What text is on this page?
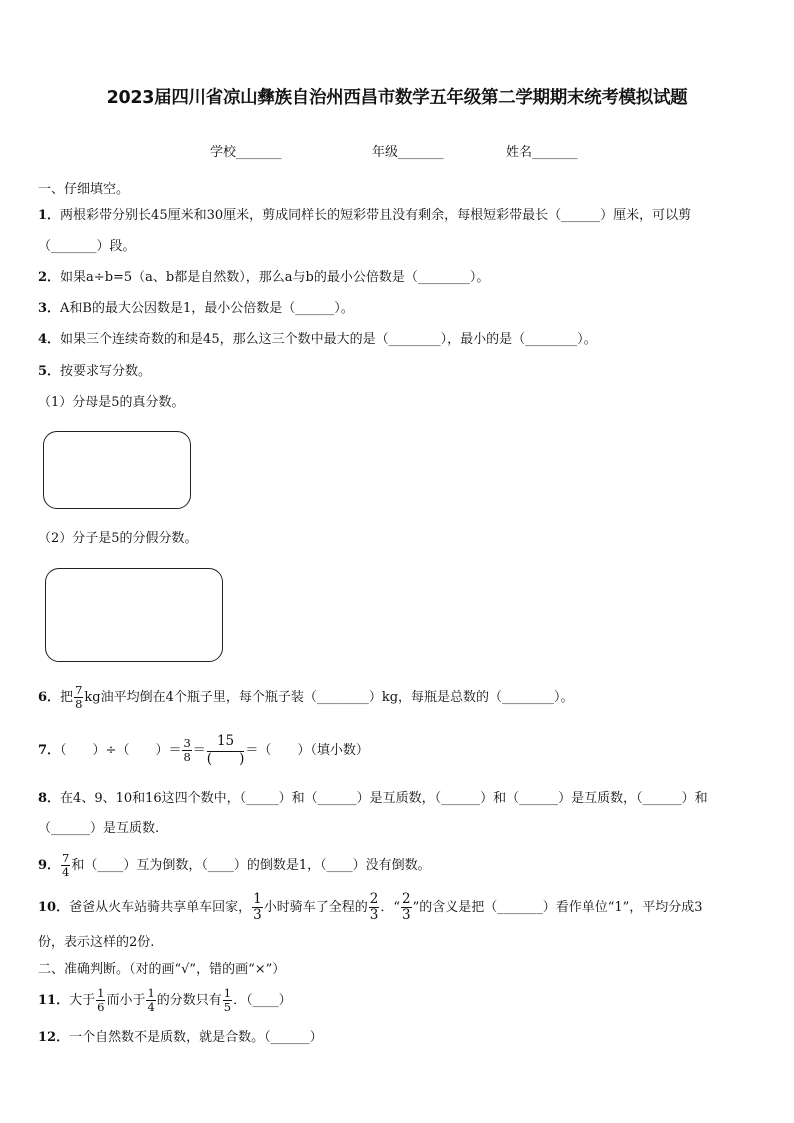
2023届四川省凉山彝族自治州西昌市数学五年级第二学期期末统考模拟试题
学校_______	年级_______	姓名_______
一、仔细填空。
1．两根彩带分别长45厘米和30厘米，剪成同样长的短彩带且没有剩余，每根短彩带最长（______）厘米，可以剪
（_______）段。
2．如果a÷b=5（a、b都是自然数），那么a与b的最小公倍数是（________）。
3．A和B的最大公因数是1，最小公倍数是（______）。
4．如果三个连续奇数的和是45，那么这三个数中最大的是（________），最小的是（________）。
5．按要求写分数。
（1）分母是5的真分数。
（2）分子是5的分假分数。
6．把 $\frac{7}{8}$ kg油平均倒在4个瓶子里，每个瓶子装（________）kg，每瓶是总数的（________）。
7．（　　）÷（　　）＝ $\frac{3}{8} = \frac{15}{( )}$ ＝（　　）（填小数）
8．在4、9、10和16这四个数中，（_____）和（______）是互质数，（______）和（______）是互质数，（______）和
（______）是互质数.
9． $\frac{7}{4}$ 和（____）互为倒数，（____）的倒数是1，（____）没有倒数。
10．爸爸从火车站骑共享单车回家， $\frac{1}{3}$ 小时骑车了全程的 $\frac{2}{3}$ ．“ $\frac{2}{3}$ ”的含义是把（_______）看作单位“1”，平均分成3
份，表示这样的2份.
二、准确判断。（对的画“√”，错的画“×”）
11．大于 $\frac{1}{6}$ 而小于 $\frac{1}{4}$ 的分数只有 $\frac{1}{5}$ ．（____）
12．一个自然数不是质数，就是合数。（______）
